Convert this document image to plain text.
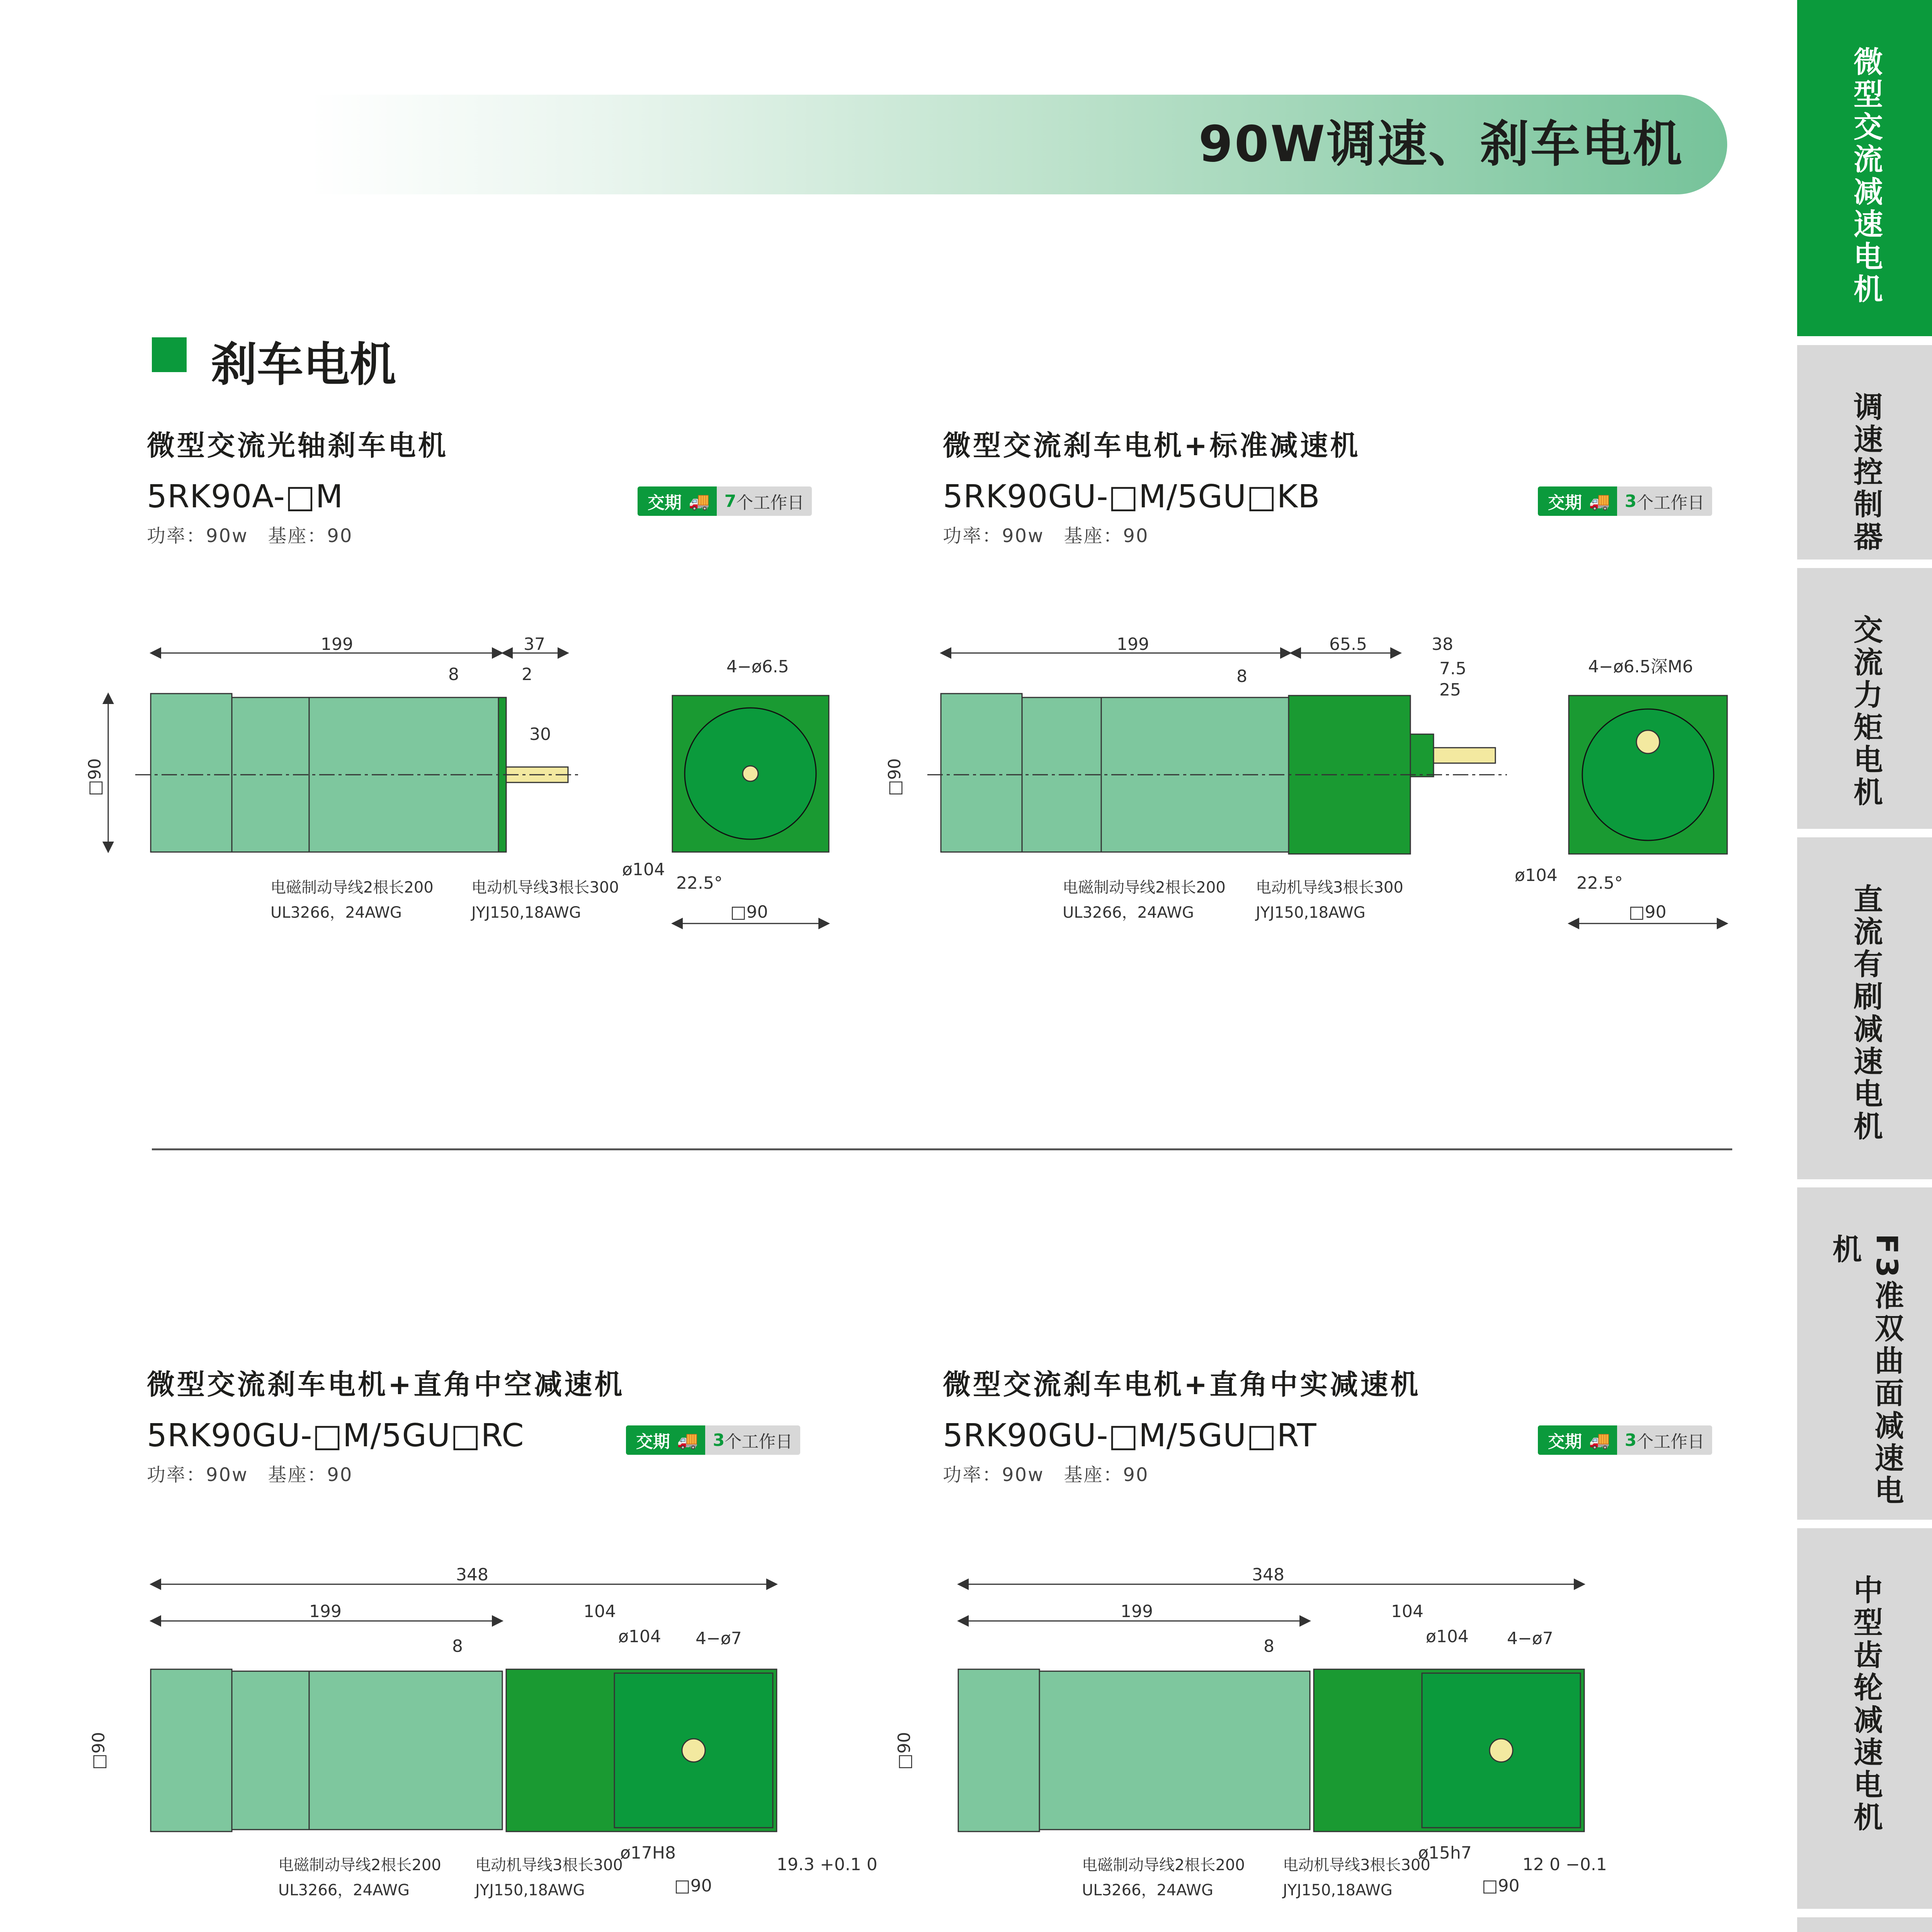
90W调速、刹车电机	微型交流减速电机
调速控制器
交流力矩电机
直流有刷减速电机
F3准双曲面减速电机
中型齿轮减速电机
刹车电机
微型交流光轴刹车电机
5RK90A-□M
功率：90w　基座：90
交期 🚚 7 个工作日
微型交流刹车电机+标准减速机
5RK90GU-□M/5GU□KB
功率：90w　基座：90
交期 🚚 3 个工作日
微型交流刹车电机+直角中空减速机
5RK90GU-□M/5GU□RC
功率：90w　基座：90
交期 🚚 3 个工作日
微型交流刹车电机+直角中实减速机
5RK90GU-□M/5GU□RT
功率：90w　基座：90
交期 🚚 3 个工作日
199	37
8	2
30
4−ø6.5
ø104
22.5°
□90
□90
电磁制动导线2根长200
UL3266，24AWG
电动机导线3根长300
JYJ150,18AWG
199	65.5	38
7.5
25
8	4−ø6.5深M6
ø104 22.5°
□90
□90
电磁制动导线2根长200
UL3266，24AWG
电动机导线3根长300
JYJ150,18AWG
348
199	104
8	ø104 4−ø7
ø17H8
19.3 +0.1 0
□90
□90
电磁制动导线2根长200
UL3266，24AWG
电动机导线3根长300
JYJ150,18AWG
348
199	104
8	ø104 4−ø7
ø15h7
12 0 −0.1
□90
□90
电磁制动导线2根长200
UL3266，24AWG
电动机导线3根长300
JYJ150,18AWG
